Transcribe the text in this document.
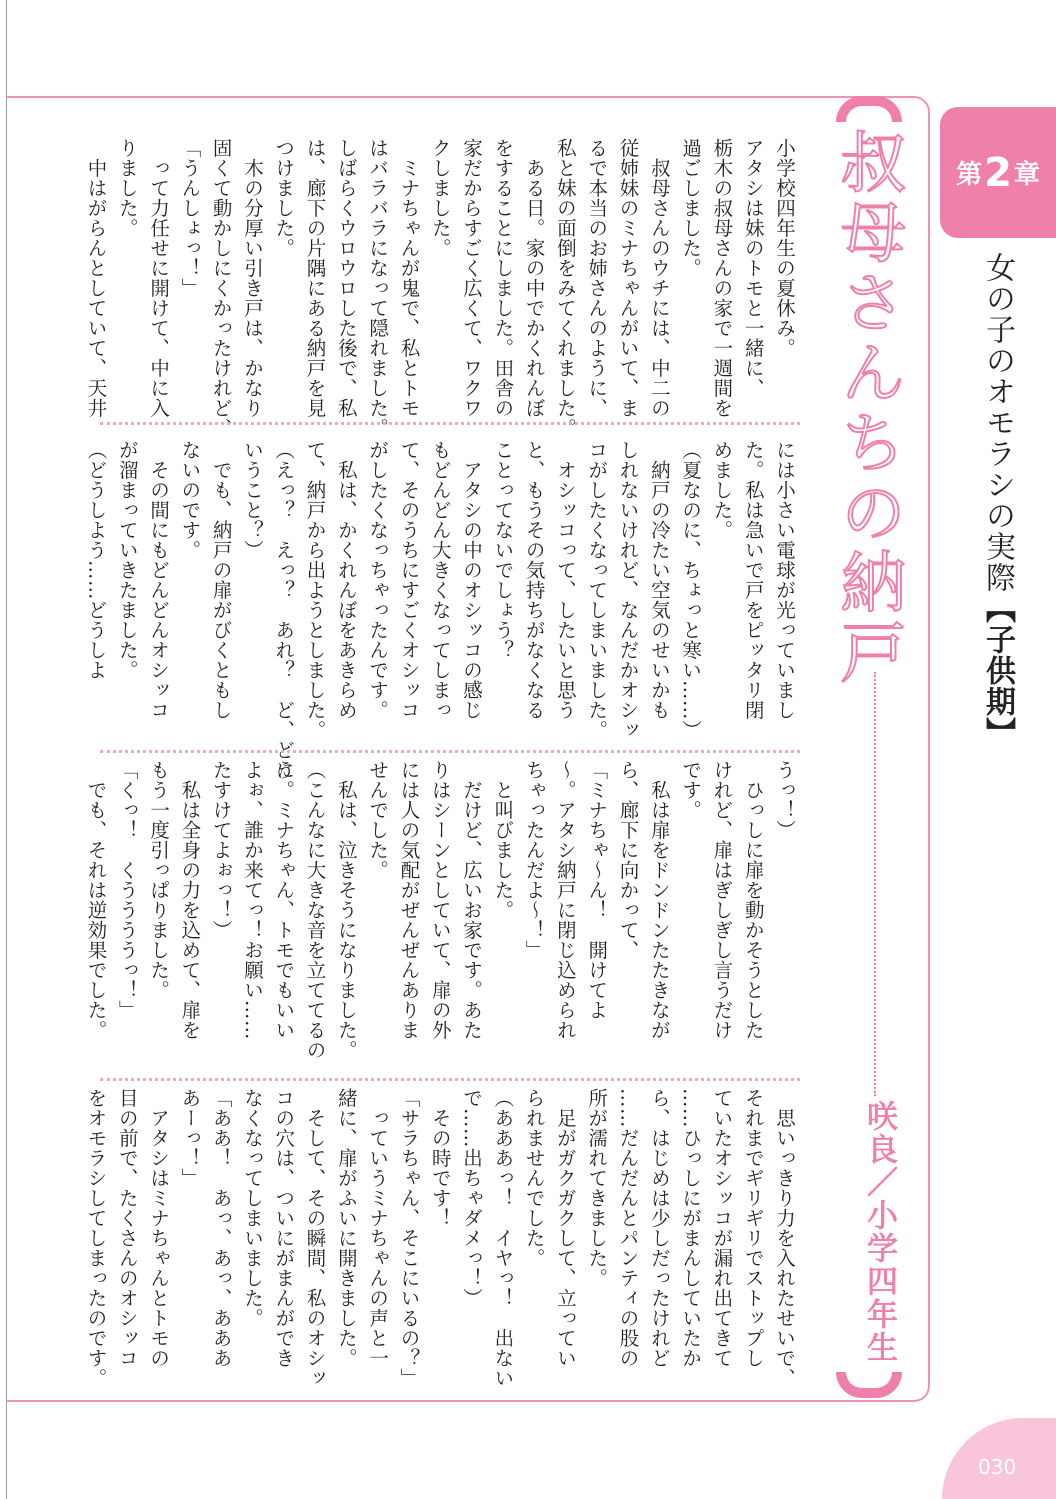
第 2 章
女の子のオモラシの実際【子供期】
叔母さんちの納戸
咲良／小学四年生

小学校四年生の夏休み。

アタシは妹のトモと一緒に、

栃木の叔母さんの家で一週間を

過ごしました。

　叔母さんのウチには、中二の

従姉妹のミナちゃんがいて、ま

るで本当のお姉さんのように、

私と妹の面倒をみてくれました。

　ある日。家の中でかくれんぼ

をすることにしました。田舎の

家だからすごく広くて、ワクワ

クしました。

　ミナちゃんが鬼で、私とトモ

はバラバラになって隠れました。

しばらくウロウロした後で、私

は、廊下の片隅にある納戸を見

つけました。

　木の分厚い引き戸は、かなり

固くて動かしにくかったけれど、

「うんしょっ！」

　って力任せに開けて、中に入

りました。

　中はがらんとしていて、天井

には小さい電球が光っていまし

た。私は急いで戸をピッタリ閉

めました。

（夏なのに、ちょっと寒い……）

　納戸の冷たい空気のせいかも

しれないけれど、なんだかオシッ

コがしたくなってしまいました。

　オシッコって、したいと思う

と、もうその気持ちがなくなる

ことってないでしょう？

　アタシの中のオシッコの感じ

もどんどん大きくなってしまっ

て、そのうちにすごくオシッコ

がしたくなっちゃったんです。

　私は、かくれんぼをあきらめ

て、納戸から出ようとしました。

（えっ？　えっ？　あれ？　ど、どう

いうこと？）

　でも、納戸の扉がびくともし

ないのです。

　その間にもどんどんオシッコ

が溜まっていきたました。

（どうしよう……どうしよ

うっ！）

　ひっしに扉を動かそうとした

けれど、扉はぎしぎし言うだけ

です。

　私は扉をドンドンたたきなが

ら、廊下に向かって、

「ミナちゃ～ん！　開けてよ

～。アタシ納戸に閉じ込められ

ちゃったんだよ～！」

　と叫びました。

　だけど、広いお家です。あた

りはシーンとしていて、扉の外

には人の気配がぜんぜんありま

せんでした。

　私は、泣きそうになりました。

（こんなに大きな音を立ててるの

に。ミナちゃん、トモでもいい

よぉ、誰か来てっ！お願い……

たすけてよぉっ！）

　私は全身の力を込めて、扉を

もう一度引っぱりました。

「くっ！　くううううっ！」

　でも、それは逆効果でした。

　思いっきり力を入れたせいで、

それまでギリギリでストップし

ていたオシッコが漏れ出てきて

……ひっしにがまんしていたか

ら、はじめは少しだったけれど

……だんだんとパンティの股の

所が濡れてきました。

　足がガクガクして、立ってい

られませんでした。

（あああっ！　イヤっ！　出ない

で……出ちゃダメっ！）

　その時です！

「サラちゃん、そこにいるの？」

　っていうミナちゃんの声と一

緒に、扉がふいに開きました。

　そして、その瞬間、私のオシッ

コの穴は、ついにがまんができ

なくなってしまいました。

「ああ！　あっ、あっ、あああ

あーっ！」

　アタシはミナちゃんとトモの

目の前で、たくさんのオシッコ

をオモラシしてしまったのです。

030
